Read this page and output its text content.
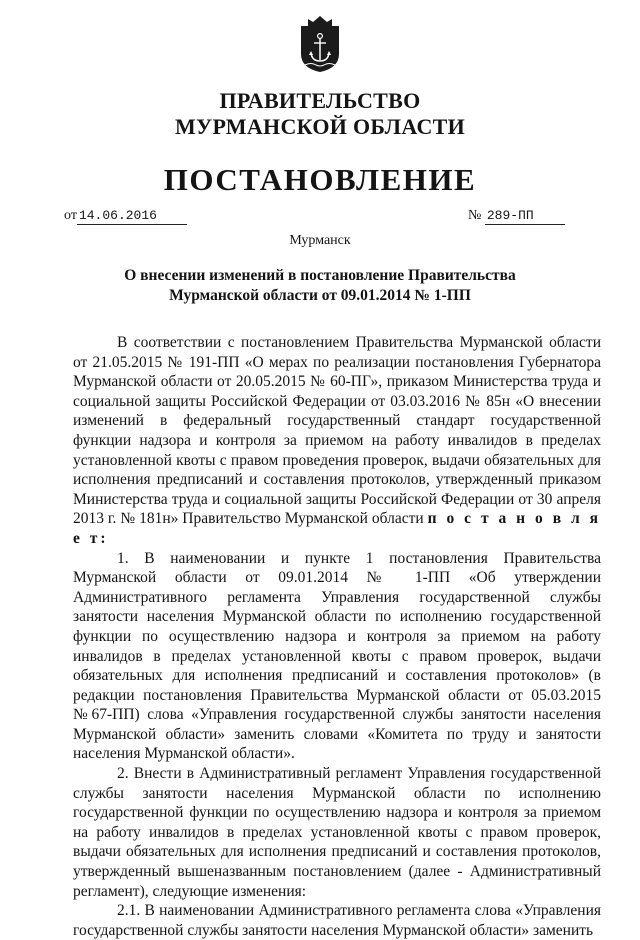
ПРАВИТЕЛЬСТВО
МУРМАНСКОЙ ОБЛАСТИ
ПОСТАНОВЛЕНИЕ
от 14.06.2016	№ 289-ПП
Мурманск
О внесении изменений в постановление Правительства Мурманской области от 09.01.2014 № 1-ПП

В соответствии с постановлением Правительства Мурманской области от 21.05.2015 № 191-ПП «О мерах по реализации постановления Губернатора Мурманской области от 20.05.2015 № 60-ПГ», приказом Министерства труда и социальной защиты Российской Федерации от 03.03.2016 № 85н «О внесении изменений в федеральный государственный стандарт государственной функции надзора и контроля за приемом на работу инвалидов в пределах установленной квоты с правом проведения проверок, выдачи обязательных для исполнения предписаний и составления протоколов, утвержденный приказом Министерства труда и социальной защиты Российской Федерации от 30 апреля 2013 г. № 181н» Правительство Мурманской области п о с т а н о в л я е т:

1. В наименовании и пункте 1 постановления Правительства Мурманской области от 09.01.2014 № 1-ПП «Об утверждении Административного регламента Управления государственной службы занятости населения Мурманской области по исполнению государственной функции по осуществлению надзора и контроля за приемом на работу инвалидов в пределах установленной квоты с правом проверок, выдачи обязательных для исполнения предписаний и составления протоколов» (в редакции постановления Правительства Мурманской области от 05.03.2015 №67-ПП) слова «Управления государственной службы занятости населения Мурманской области» заменить словами «Комитета по труду и занятости населения Мурманской области».

2. Внести в Административный регламент Управления государственной службы занятости населения Мурманской области по исполнению государственной функции по осуществлению надзора и контроля за приемом на работу инвалидов в пределах установленной квоты с правом проверок, выдачи обязательных для исполнения предписаний и составления протоколов, утвержденный вышеназванным постановлением (далее - Административный регламент), следующие изменения:

2.1. В наименовании Административного регламента слова «Управления государственной службы занятости населения Мурманской области» заменить
